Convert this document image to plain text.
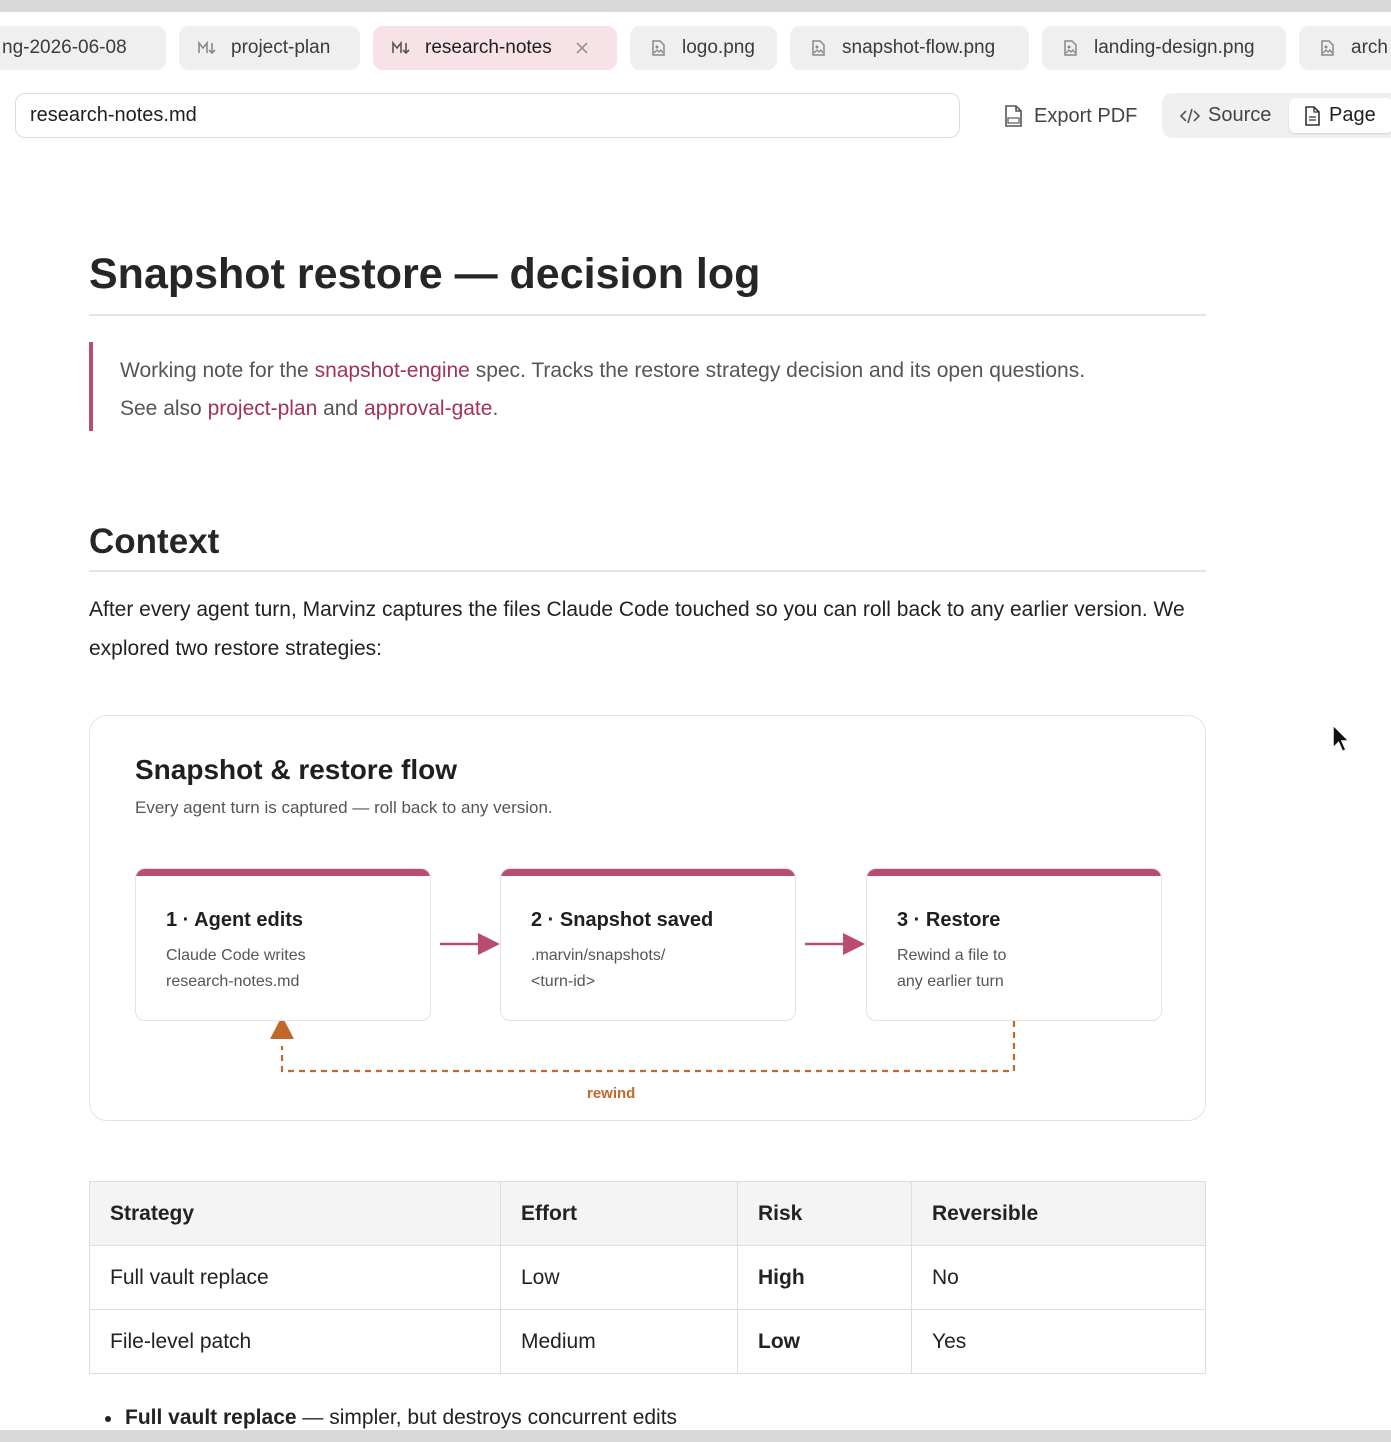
ng-2026-06-08	project-plan	research-notes	logo.png	snapshot-flow.png	landing-design.png	arch
research-notes.md	Export PDF	Source	Page
Snapshot restore — decision log
Working note for the snapshot-engine spec. Tracks the restore strategy decision and its open questions.
See also project-plan and approval-gate.
Context

After every agent turn, Marvinz captures the files Claude Code touched so you can roll back to any earlier version. We explored two restore strategies:

Snapshot & restore flow
Every agent turn is captured — roll back to any version.
1 · Agent edits
Claude Code writes
research-notes.md
2 · Snapshot saved
.marvin/snapshots/
<turn-id>
3 · Restore
Rewind a file to
any earlier turn
rewind
Strategy	Effort	Risk	Reversible
Full vault replace	Low	High	No
File-level patch	Medium	Low	Yes
Full vault replace — simpler, but destroys concurrent edits
